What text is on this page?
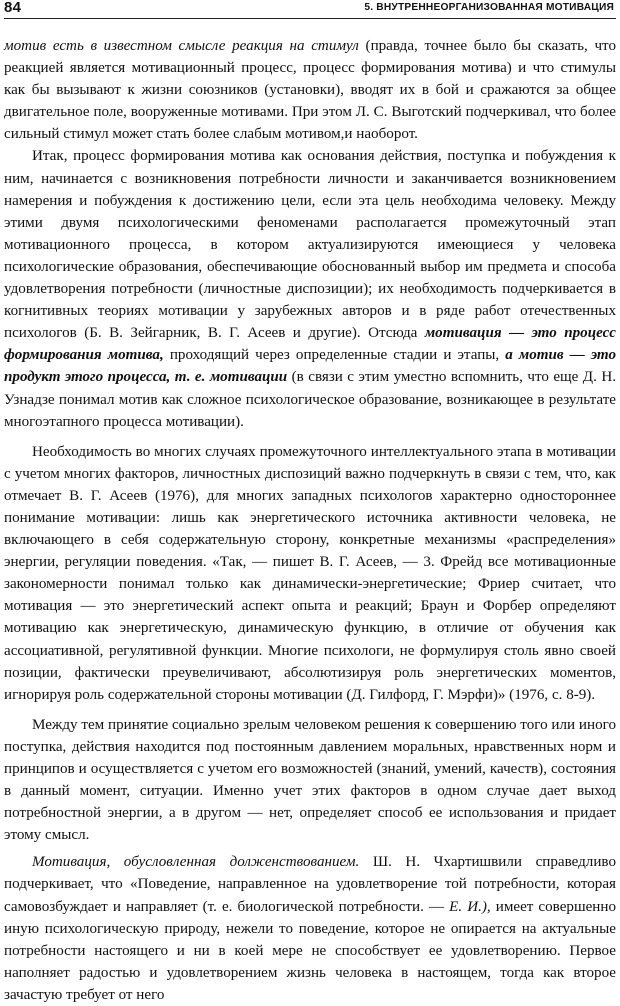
84	5. ВНУТРЕННЕОРГАНИЗОВАННАЯ МОТИВАЦИЯ

мотив есть в известном смысле реакция на стимул (правда, точнее было бы сказать, что реакцией является мотивационный процесс, процесс формирования мотива) и что стимулы как бы вызывают к жизни союзников (установки), вводят их в бой и сражаются за общее двигательное поле, вооруженные мотивами. При этом Л. С. Выготский подчеркивал, что более сильный стимул может стать более слабым мотивом,и наоборот.

Итак, процесс формирования мотива как основания действия, поступка и побуждения к ним, начинается с возникновения потребности личности и заканчивается возникновением намерения и побуждения к достижению цели, если эта цель необходима человеку. Между этими двумя психологическими феноменами располагается промежуточный этап мотивационного процесса, в котором актуализируются имеющиеся у человека психологические образования, обеспечивающие обоснованный выбор им предмета и способа удовлетворения потребности (личностные диспозиции); их необходимость подчеркивается в когнитивных теориях мотивации у зарубежных авторов и в ряде работ отечественных психологов (Б. В. Зейгарник, В. Г. Асеев и другие). Отсюда мотивация — это процесс формирования мотива, проходящий через определенные стадии и этапы, а мотив — это продукт этого процесса, т. е. мотивации (в связи с этим уместно вспомнить, что еще Д. Н. Узнадзе понимал мотив как сложное психологическое образование, возникающее в результате многоэтапного процесса мотивации).

Необходимость во многих случаях промежуточного интеллектуального этапа в мотивации с учетом многих факторов, личностных диспозиций важно подчеркнуть в связи с тем, что, как отмечает В. Г. Асеев (1976), для многих западных психологов характерно одностороннее понимание мотивации: лишь как энергетического источника активности человека, не включающего в себя содержательную сторону, конкретные механизмы «распределения» энергии, регуляции поведения. «Так, — пишет В. Г. Асеев, — 3. Фрейд все мотивационные закономерности понимал только как динамически-энергетические; Фриер считает, что мотивация — это энергетический аспект опыта и реакций; Браун и Форбер определяют мотивацию как энергетическую, динамическую функцию, в отличие от обучения как ассоциативной, регулятивной функции. Многие психологи, не формулируя столь явно своей позиции, фактически преувеличивают, абсолютизируя роль энергетических моментов, игнорируя роль содержательной стороны мотивации (Д. Гилфорд, Г. Мэрфи)» (1976, с. 8-9).

Между тем принятие социально зрелым человеком решения к совершению того или иного поступка, действия находится под постоянным давлением моральных, нравственных норм и принципов и осуществляется с учетом его возможностей (знаний, умений, качеств), состояния в данный момент, ситуации. Именно учет этих факторов в одном случае дает выход потребностной энергии, а в другом — нет, определяет способ ее использования и придает этому смысл.

Мотивация, обусловленная долженствованием. Ш. Н. Чхартишвили справедливо подчеркивает, что «Поведение, направленное на удовлетворение той потребности, которая самовозбуждает и направляет (т. е. биологической потребности. — Е. И.), имеет совершенно иную психологическую природу, нежели то поведение, которое не опирается на актуальные потребности настоящего и ни в коей мере не способствует ее удовлетворению. Первое наполняет радостью и удовлетворением жизнь человека в настоящем, тогда как второе зачастую требует от него
